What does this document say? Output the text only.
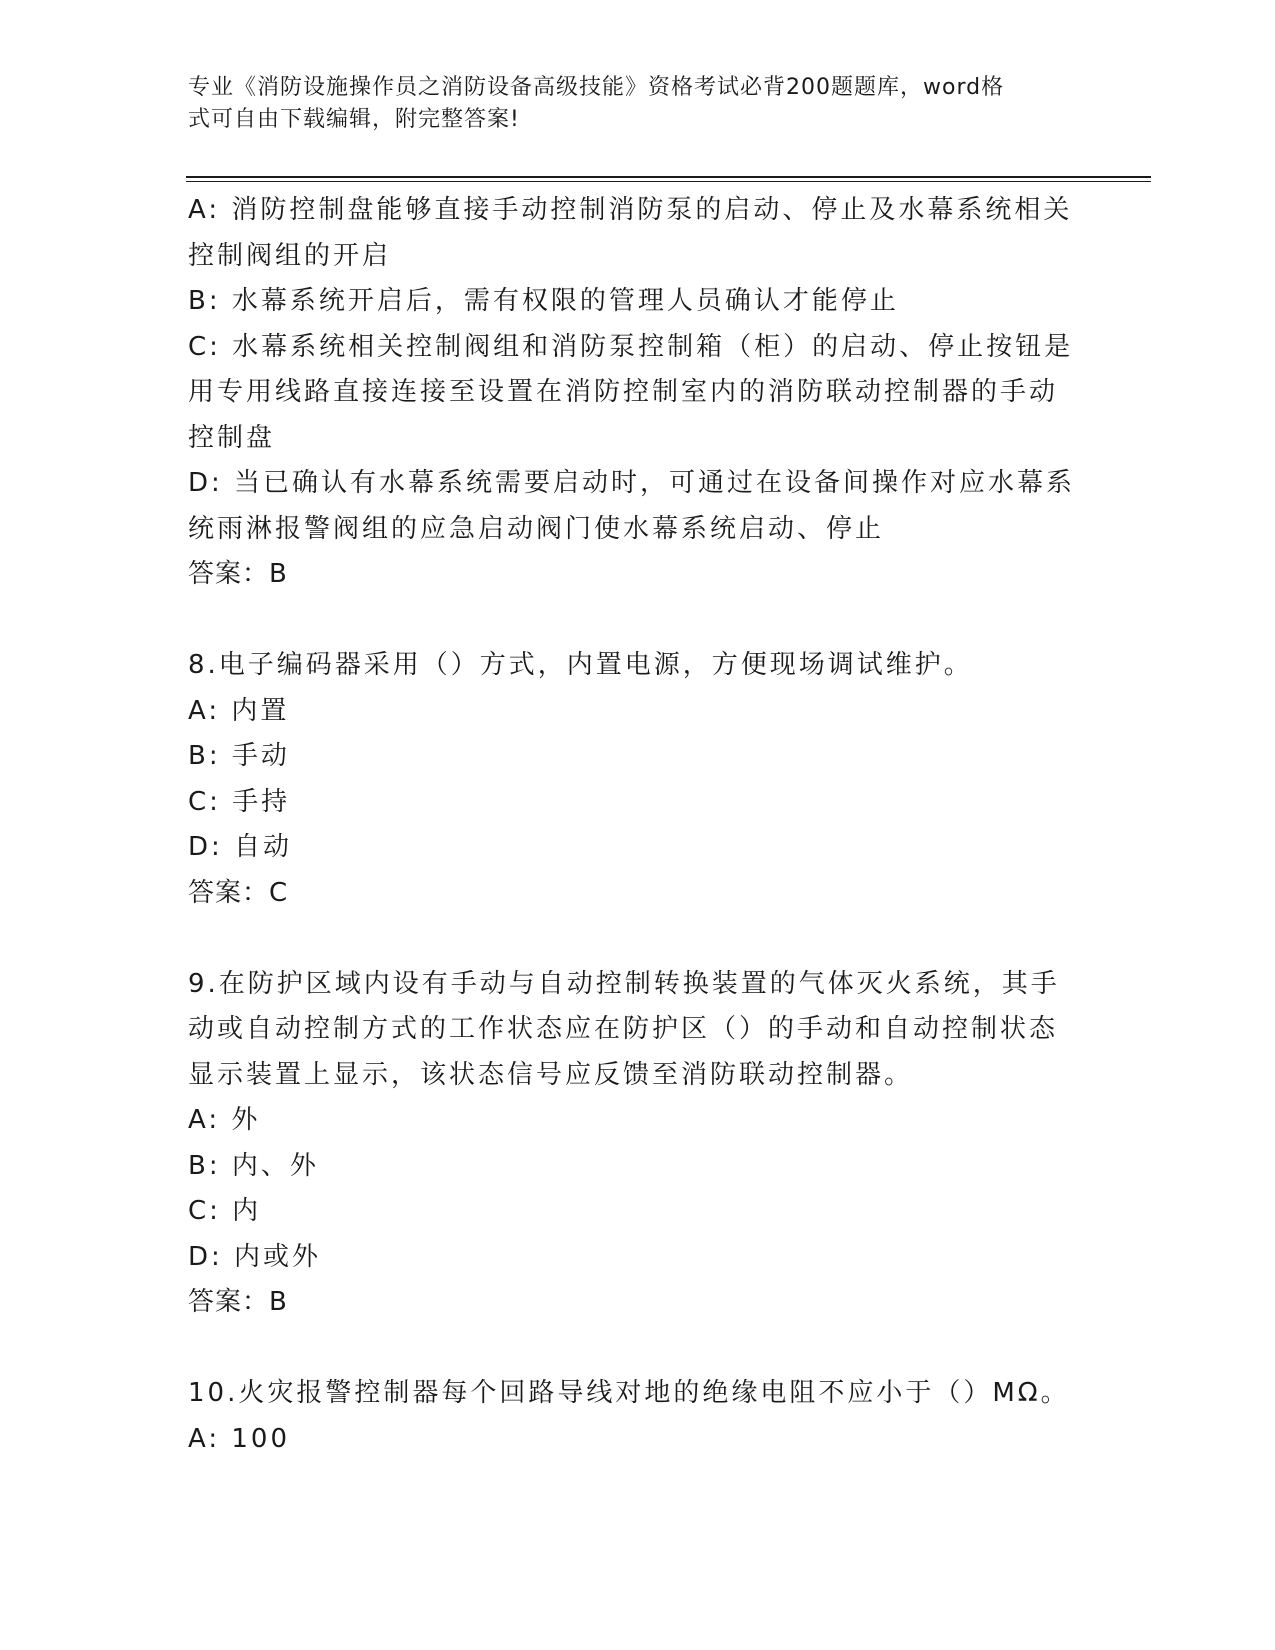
专业《消防设施操作员之消防设备高级技能》资格考试必背200题题库，word格
式可自由下载编辑，附完整答案!
A: 消防控制盘能够直接手动控制消防泵的启动、停止及水幕系统相关
控制阀组的开启
B: 水幕系统开启后，需有权限的管理人员确认才能停止
C: 水幕系统相关控制阀组和消防泵控制箱（柜）的启动、停止按钮是
用专用线路直接连接至设置在消防控制室内的消防联动控制器的手动
控制盘
D: 当已确认有水幕系统需要启动时，可通过在设备间操作对应水幕系
统雨淋报警阀组的应急启动阀门使水幕系统启动、停止
答案：B
8.电子编码器采用（）方式，内置电源，方便现场调试维护。
A: 内置
B: 手动
C: 手持
D: 自动
答案：C
9.在防护区域内设有手动与自动控制转换装置的气体灭火系统，其手
动或自动控制方式的工作状态应在防护区（）的手动和自动控制状态
显示装置上显示，该状态信号应反馈至消防联动控制器。
A: 外
B: 内、外
C: 内
D: 内或外
答案：B
10.火灾报警控制器每个回路导线对地的绝缘电阻不应小于（）MΩ。
A: 100
